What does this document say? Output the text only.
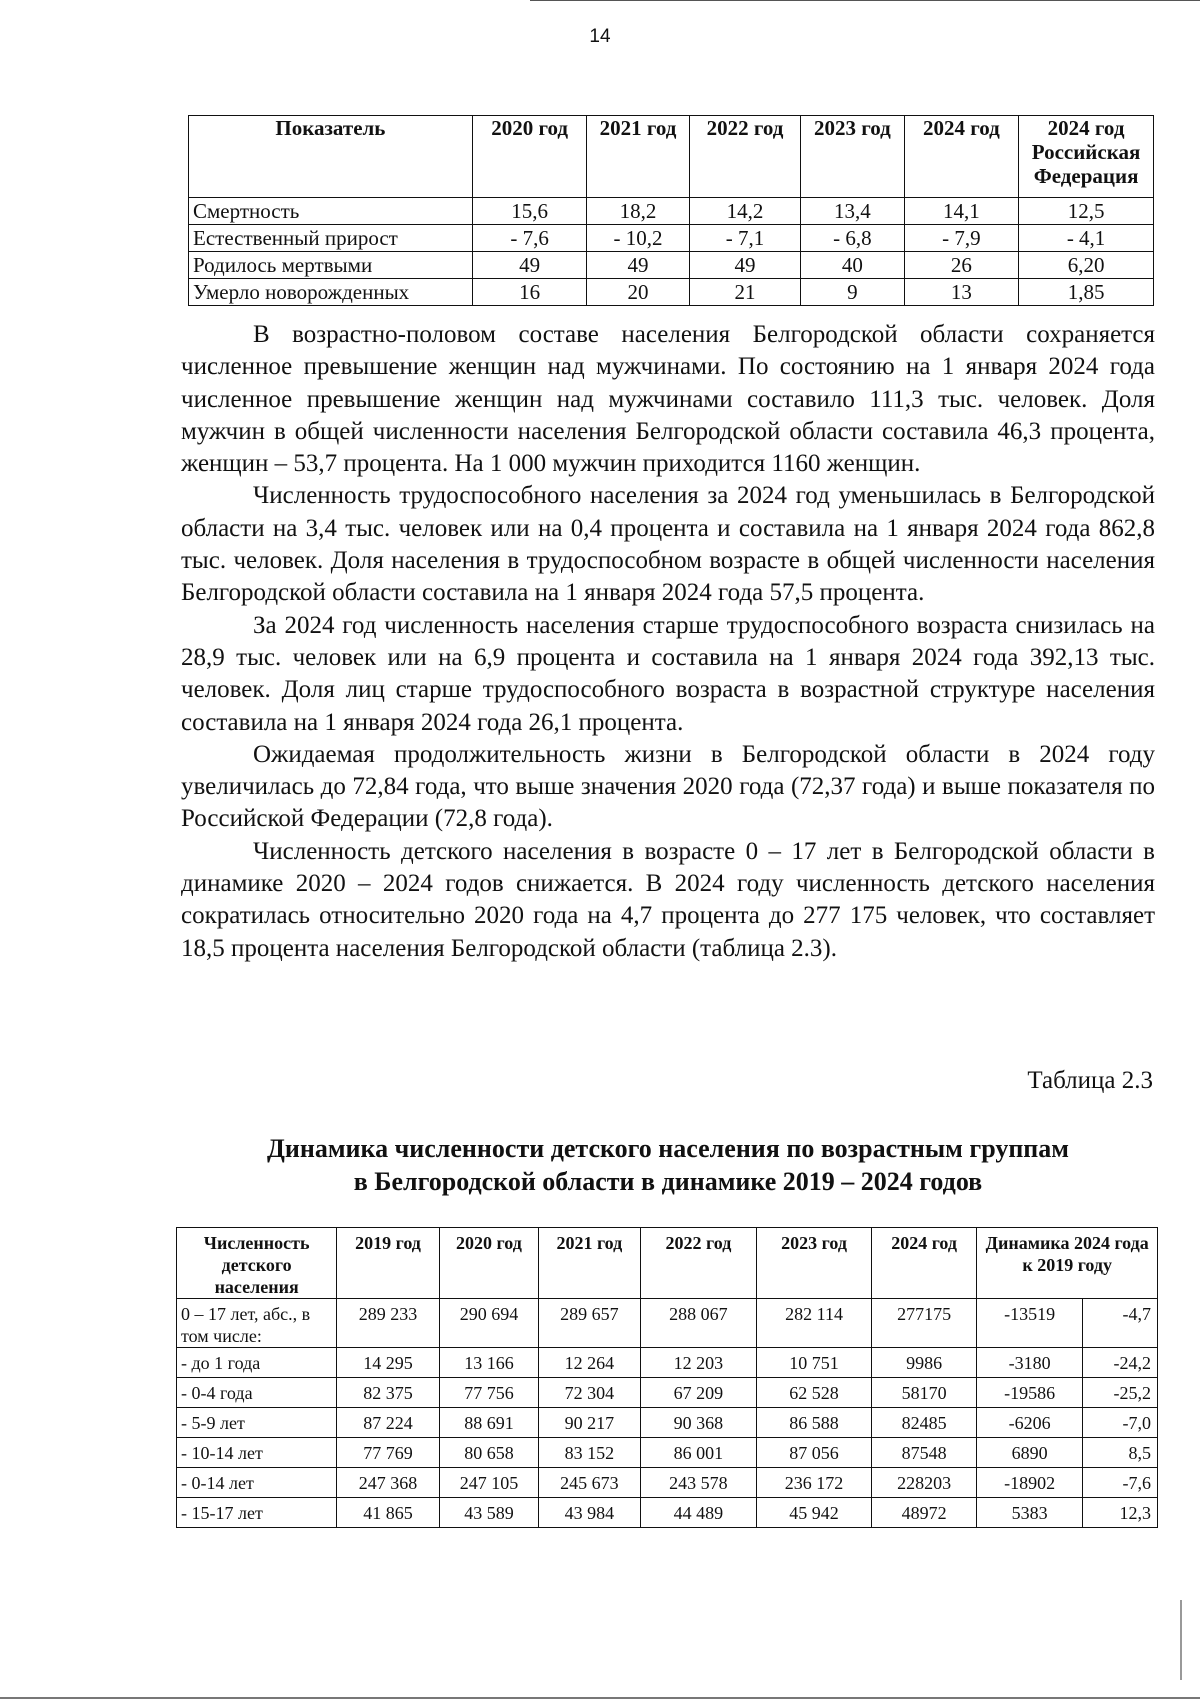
14
Показатель	2020 год	2021 год	2022 год	2023 год	2024 год	2024 год Российская Федерация
Смертность	15,6	18,2	14,2	13,4	14,1	12,5
Естественный прирост	- 7,6	- 10,2	- 7,1	- 6,8	- 7,9	- 4,1
Родилось мертвыми	49	49	49	40	26	6,20
Умерло новорожденных	16	20	21	9	13	1,85

В возрастно-половом составе населения Белгородской области сохраняется численное превышение женщин над мужчинами. По состоянию на 1 января 2024 года численное превышение женщин над мужчинами составило 111,3 тыс. человек. Доля мужчин в общей численности населения Белгородской области составила 46,3 процента, женщин – 53,7 процента. На 1 000 мужчин приходится 1160 женщин.

Численность трудоспособного населения за 2024 год уменьшилась в Белгородской области на 3,4 тыс. человек или на 0,4 процента и составила на 1 января 2024 года 862,8 тыс. человек. Доля населения в трудоспособном возрасте в общей численности населения Белгородской области составила на 1 января 2024 года 57,5 процента.

За 2024 год численность населения старше трудоспособного возраста снизилась на 28,9 тыс. человек или на 6,9 процента и составила на 1 января 2024 года 392,13 тыс. человек. Доля лиц старше трудоспособного возраста в возрастной структуре населения составила на 1 января 2024 года 26,1 процента.

Ожидаемая продолжительность жизни в Белгородской области в 2024 году увеличилась до 72,84 года, что выше значения 2020 года (72,37 года) и выше показателя по Российской Федерации (72,8 года).

Численность детского населения в возрасте 0 – 17 лет в Белгородской области в динамике 2020 – 2024 годов снижается. В 2024 году численность детского населения сократилась относительно 2020 года на 4,7 процента до 277 175 человек, что составляет 18,5 процента населения Белгородской области (таблица 2.3).

Таблица 2.3
Динамика численности детского населения по возрастным группам
в Белгородской области в динамике 2019 – 2024 годов
Численность детского населения	2019 год	2020 год	2021 год	2022 год	2023 год	2024 год	Динамика 2024 года к 2019 году	
0 – 17 лет, абс., в том числе:	289 233	290 694	289 657	288 067	282 114	277175	-13519	-4,7
- до 1 года	14 295	13 166	12 264	12 203	10 751	9986	-3180	-24,2
- 0-4 года	82 375	77 756	72 304	67 209	62 528	58170	-19586	-25,2
- 5-9 лет	87 224	88 691	90 217	90 368	86 588	82485	-6206	-7,0
- 10-14 лет	77 769	80 658	83 152	86 001	87 056	87548	6890	8,5
- 0-14 лет	247 368	247 105	245 673	243 578	236 172	228203	-18902	-7,6
- 15-17 лет	41 865	43 589	43 984	44 489	45 942	48972	5383	12,3
